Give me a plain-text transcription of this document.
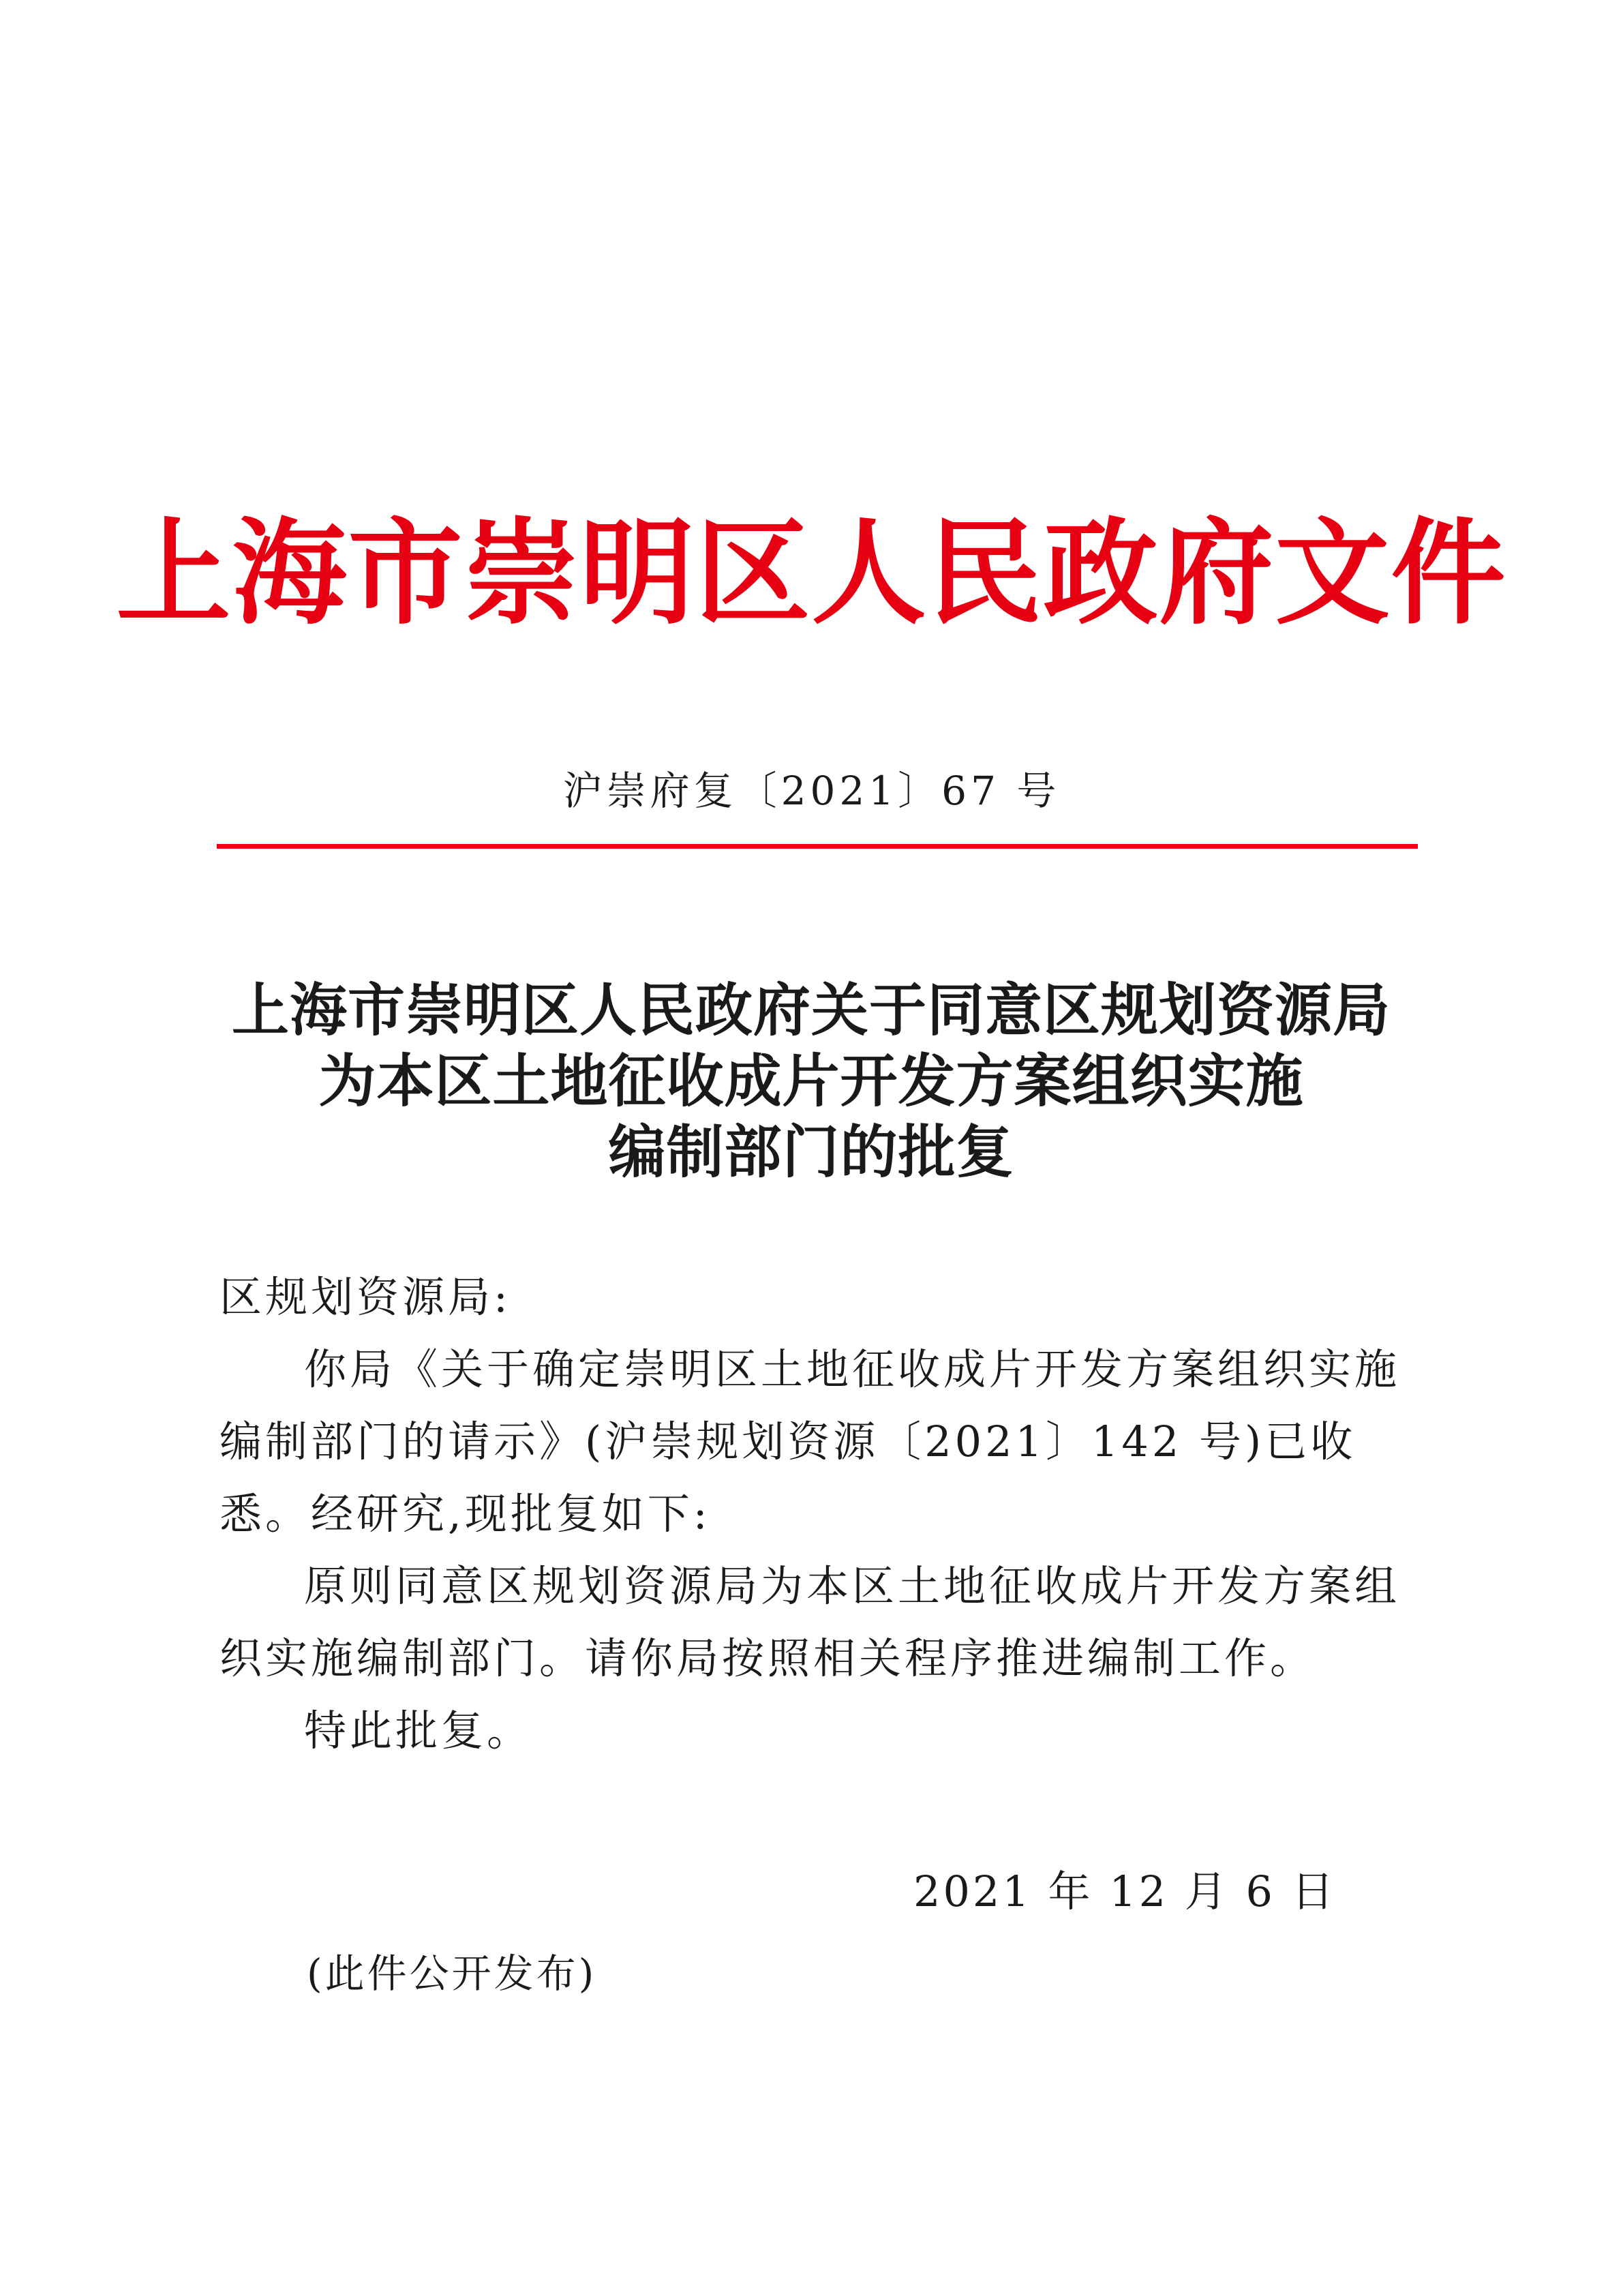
上海市崇明区人民政府文件
沪崇府复〔2021〕67 号
上海市崇明区人民政府关于同意区规划资源局
为本区土地征收成片开发方案组织实施
编制部门的批复

区规划资源局:

你局《关于确定崇明区土地征收成片开发方案组织实施编制部门的请示》(沪崇规划资源〔2021〕142 号)已收悉。经研究,现批复如下:

原则同意区规划资源局为本区土地征收成片开发方案组织实施编制部门。请你局按照相关程序推进编制工作。

特此批复。

2021 年 12 月 6 日
(此件公开发布)
